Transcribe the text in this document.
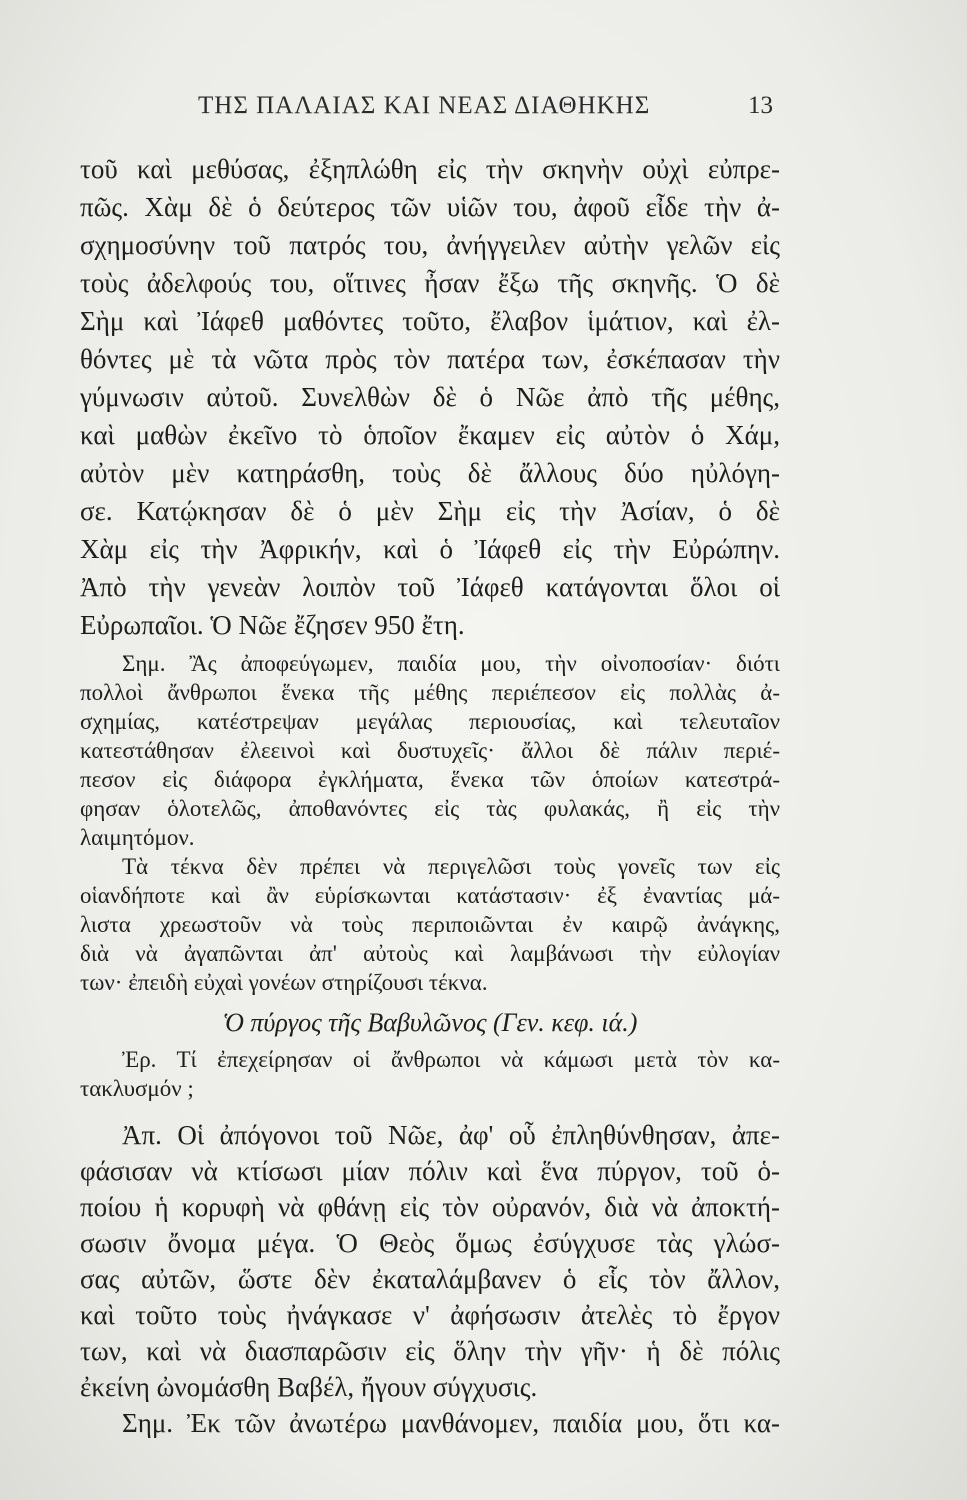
ΤΗΣ ΠΑΛΑΙΑΣ ΚΑΙ ΝΕΑΣ ΔΙΑΘΗΚΗΣ	13
τοῦ καὶ μεθύσας, ἐξηπλώθη εἰς τὴν σκηνὴν οὐχὶ εὐπρε-
πῶς. Χὰμ δὲ ὁ δεύτερος τῶν υἱῶν του, ἀφοῦ εἶδε τὴν ἀ-
σχημοσύνην τοῦ πατρός του, ἀνήγγειλεν αὐτὴν γελῶν εἰς
τοὺς ἀδελφούς του, οἵτινες ἦσαν ἔξω τῆς σκηνῆς. Ὁ δὲ
Σὴμ καὶ Ἰάφεθ μαθόντες τοῦτο, ἔλαβον ἱμάτιον, καὶ ἐλ-
θόντες μὲ τὰ νῶτα πρὸς τὸν πατέρα των, ἐσκέπασαν τὴν
γύμνωσιν αὐτοῦ. Συνελθὼν δὲ ὁ Νῶε ἀπὸ τῆς μέθης,
καὶ μαθὼν ἐκεῖνο τὸ ὁποῖον ἔκαμεν εἰς αὐτὸν ὁ Χάμ,
αὐτὸν μὲν κατηράσθη, τοὺς δὲ ἄλλους δύο ηὐλόγη-
σε. Κατῴκησαν δὲ ὁ μὲν Σὴμ εἰς τὴν Ἀσίαν, ὁ δὲ
Χὰμ εἰς τὴν Ἀφρικήν, καὶ ὁ Ἰάφεθ εἰς τὴν Εὐρώπην.
Ἀπὸ τὴν γενεὰν λοιπὸν τοῦ Ἰάφεθ κατάγονται ὅλοι οἱ
Εὐρωπαῖοι. Ὁ Νῶε ἔζησεν 950 ἔτη.
Σημ. Ἂς ἀποφεύγωμεν, παιδία μου, τὴν οἰνοποσίαν· διότι
πολλοὶ ἄνθρωποι ἕνεκα τῆς μέθης περιέπεσον εἰς πολλὰς ἀ-
σχημίας, κατέστρεψαν μεγάλας περιουσίας, καὶ τελευταῖον
κατεστάθησαν ἐλεεινοὶ καὶ δυστυχεῖς· ἄλλοι δὲ πάλιν περιέ-
πεσον εἰς διάφορα ἐγκλήματα, ἕνεκα τῶν ὁποίων κατεστρά-
φησαν ὁλοτελῶς, ἀποθανόντες εἰς τὰς φυλακάς, ἢ εἰς τὴν
λαιμητόμον.
Τὰ τέκνα δὲν πρέπει νὰ περιγελῶσι τοὺς γονεῖς των εἰς
οἱανδήποτε καὶ ἂν εὑρίσκωνται κατάστασιν· ἐξ ἐναντίας μά-
λιστα χρεωστοῦν νὰ τοὺς περιποιῶνται ἐν καιρῷ ἀνάγκης,
διὰ νὰ ἀγαπῶνται ἀπ' αὐτοὺς καὶ λαμβάνωσι τὴν εὐλογίαν
των· ἐπειδὴ εὐχαὶ γονέων στηρίζουσι τέκνα.
Ὁ πύργος τῆς Βαβυλῶνος (Γεν. κεφ. ιά.)
Ἐρ. Τί ἐπεχείρησαν οἱ ἄνθρωποι νὰ κάμωσι μετὰ τὸν κα-
τακλυσμόν ;
Ἀπ. Οἱ ἀπόγονοι τοῦ Νῶε, ἀφ' οὗ ἐπληθύνθησαν, ἀπε-
φάσισαν νὰ κτίσωσι μίαν πόλιν καὶ ἕνα πύργον, τοῦ ὁ-
ποίου ἡ κορυφὴ νὰ φθάνῃ εἰς τὸν οὐρανόν, διὰ νὰ ἀποκτή-
σωσιν ὄνομα μέγα. Ὁ Θεὸς ὅμως ἐσύγχυσε τὰς γλώσ-
σας αὐτῶν, ὥστε δὲν ἐκαταλάμβανεν ὁ εἷς τὸν ἄλλον,
καὶ τοῦτο τοὺς ἠνάγκασε ν' ἀφήσωσιν ἀτελὲς τὸ ἔργον
των, καὶ νὰ διασπαρῶσιν εἰς ὅλην τὴν γῆν· ἡ δὲ πόλις
ἐκείνη ὠνομάσθη Βαβέλ, ἤγουν σύγχυσις.
Σημ. Ἐκ τῶν ἀνωτέρω μανθάνομεν, παιδία μου, ὅτι κα-
